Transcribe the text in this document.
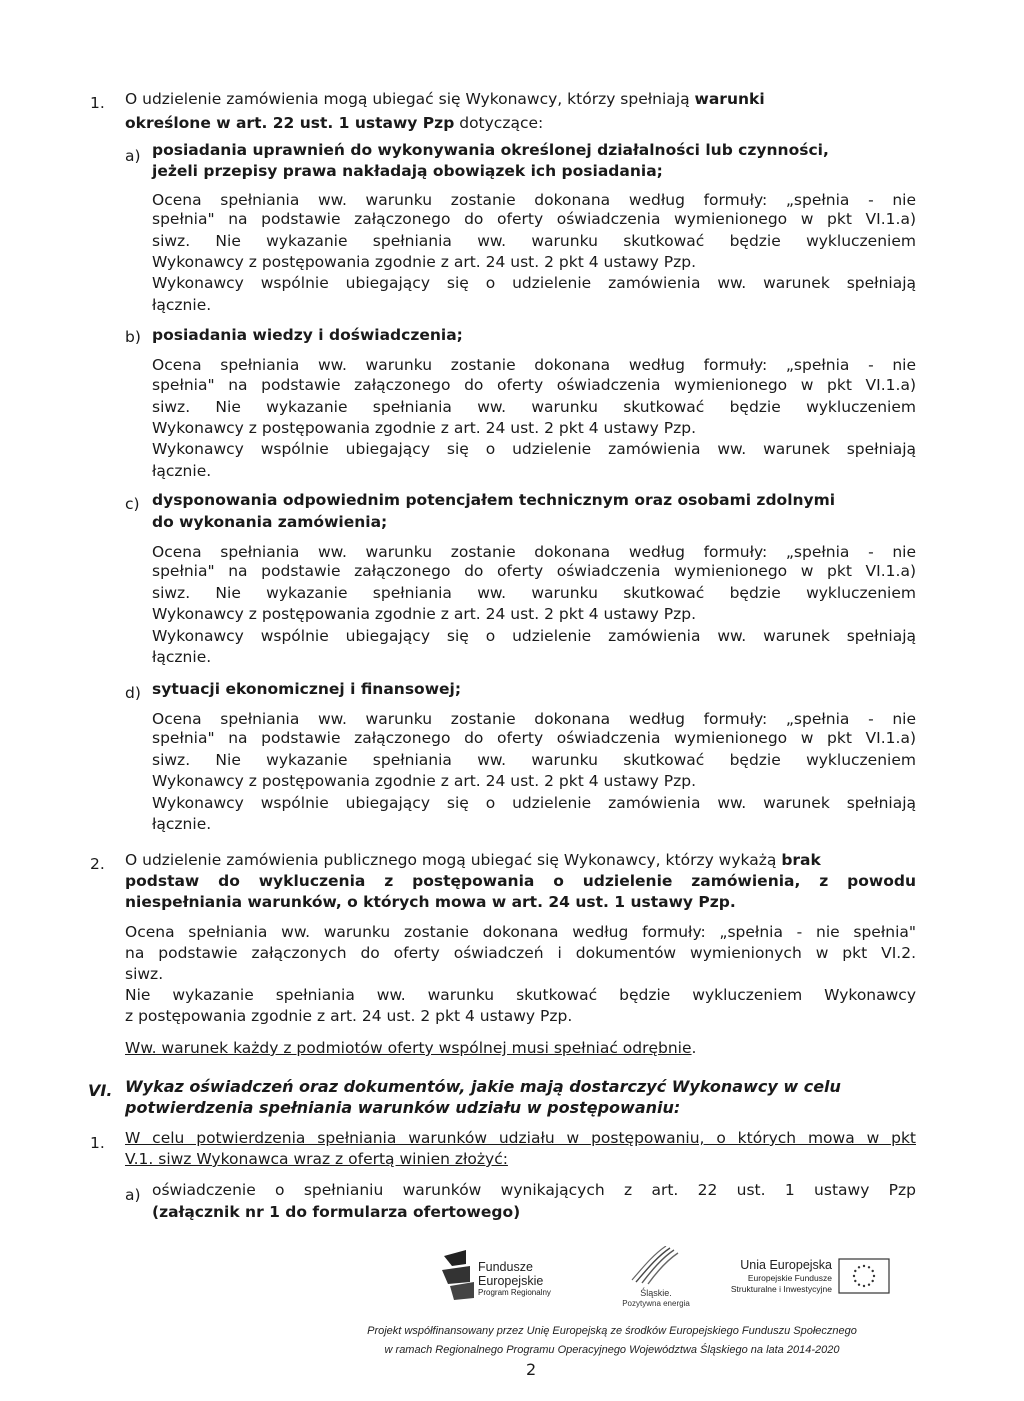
1. O udzielenie zamówienia mogą ubiegać się Wykonawcy, którzy spełniają warunki
określone w art. 22 ust. 1 ustawy Pzp dotyczące:
a) posiadania uprawnień do wykonywania określonej działalności lub czynności,
jeżeli przepisy prawa nakładają obowiązek ich posiadania;
Ocena spełniania ww. warunku zostanie dokonana według formuły: „spełnia - nie
spełnia" na podstawie załączonego do oferty oświadczenia wymienionego w pkt VI.1.a)
siwz. Nie wykazanie spełniania ww. warunku skutkować będzie wykluczeniem
Wykonawcy z postępowania zgodnie z art. 24 ust. 2 pkt 4 ustawy Pzp.
Wykonawcy wspólnie ubiegający się o udzielenie zamówienia ww. warunek spełniają
łącznie.
b) posiadania wiedzy i doświadczenia;
Ocena spełniania ww. warunku zostanie dokonana według formuły: „spełnia - nie
spełnia" na podstawie załączonego do oferty oświadczenia wymienionego w pkt VI.1.a)
siwz. Nie wykazanie spełniania ww. warunku skutkować będzie wykluczeniem
Wykonawcy z postępowania zgodnie z art. 24 ust. 2 pkt 4 ustawy Pzp.
Wykonawcy wspólnie ubiegający się o udzielenie zamówienia ww. warunek spełniają
łącznie.
c) dysponowania odpowiednim potencjałem technicznym oraz osobami zdolnymi
do wykonania zamówienia;
Ocena spełniania ww. warunku zostanie dokonana według formuły: „spełnia - nie
spełnia" na podstawie załączonego do oferty oświadczenia wymienionego w pkt VI.1.a)
siwz. Nie wykazanie spełniania ww. warunku skutkować będzie wykluczeniem
Wykonawcy z postępowania zgodnie z art. 24 ust. 2 pkt 4 ustawy Pzp.
Wykonawcy wspólnie ubiegający się o udzielenie zamówienia ww. warunek spełniają
łącznie.
d) sytuacji ekonomicznej i finansowej;
Ocena spełniania ww. warunku zostanie dokonana według formuły: „spełnia - nie
spełnia" na podstawie załączonego do oferty oświadczenia wymienionego w pkt VI.1.a)
siwz. Nie wykazanie spełniania ww. warunku skutkować będzie wykluczeniem
Wykonawcy z postępowania zgodnie z art. 24 ust. 2 pkt 4 ustawy Pzp.
Wykonawcy wspólnie ubiegający się o udzielenie zamówienia ww. warunek spełniają
łącznie.
2. O udzielenie zamówienia publicznego mogą ubiegać się Wykonawcy, którzy wykażą brak
podstaw do wykluczenia z postępowania o udzielenie zamówienia, z powodu
niespełniania warunków, o których mowa w art. 24 ust. 1 ustawy Pzp.
Ocena spełniania ww. warunku zostanie dokonana według formuły: „spełnia - nie spełnia"
na podstawie załączonych do oferty oświadczeń i dokumentów wymienionych w pkt VI.2.
siwz.
Nie wykazanie spełniania ww. warunku skutkować będzie wykluczeniem Wykonawcy
z postępowania zgodnie z art. 24 ust. 2 pkt 4 ustawy Pzp.
Ww. warunek każdy z podmiotów oferty wspólnej musi spełniać odrębnie.
VI. Wykaz oświadczeń oraz dokumentów, jakie mają dostarczyć Wykonawcy w celu
potwierdzenia spełniania warunków udziału w postępowaniu:
1. W celu potwierdzenia spełniania warunków udziału w postępowaniu, o których mowa w pkt
V.1. siwz Wykonawca wraz z ofertą winien złożyć:
a) oświadczenie o spełnianiu warunków wynikających z art. 22 ust. 1 ustawy Pzp
(załącznik nr 1 do formularza ofertowego)
Fundusze
Europejskie
Program Regionalny	Śląskie.
Pozytywna energia
Unia Europejska
Europejskie Fundusze
Strukturalne i Inwestycyjne
Projekt współfinansowany przez Unię Europejską ze środków Europejskiego Funduszu Społecznego
w ramach Regionalnego Programu Operacyjnego Województwa Śląskiego na lata 2014-2020
2
